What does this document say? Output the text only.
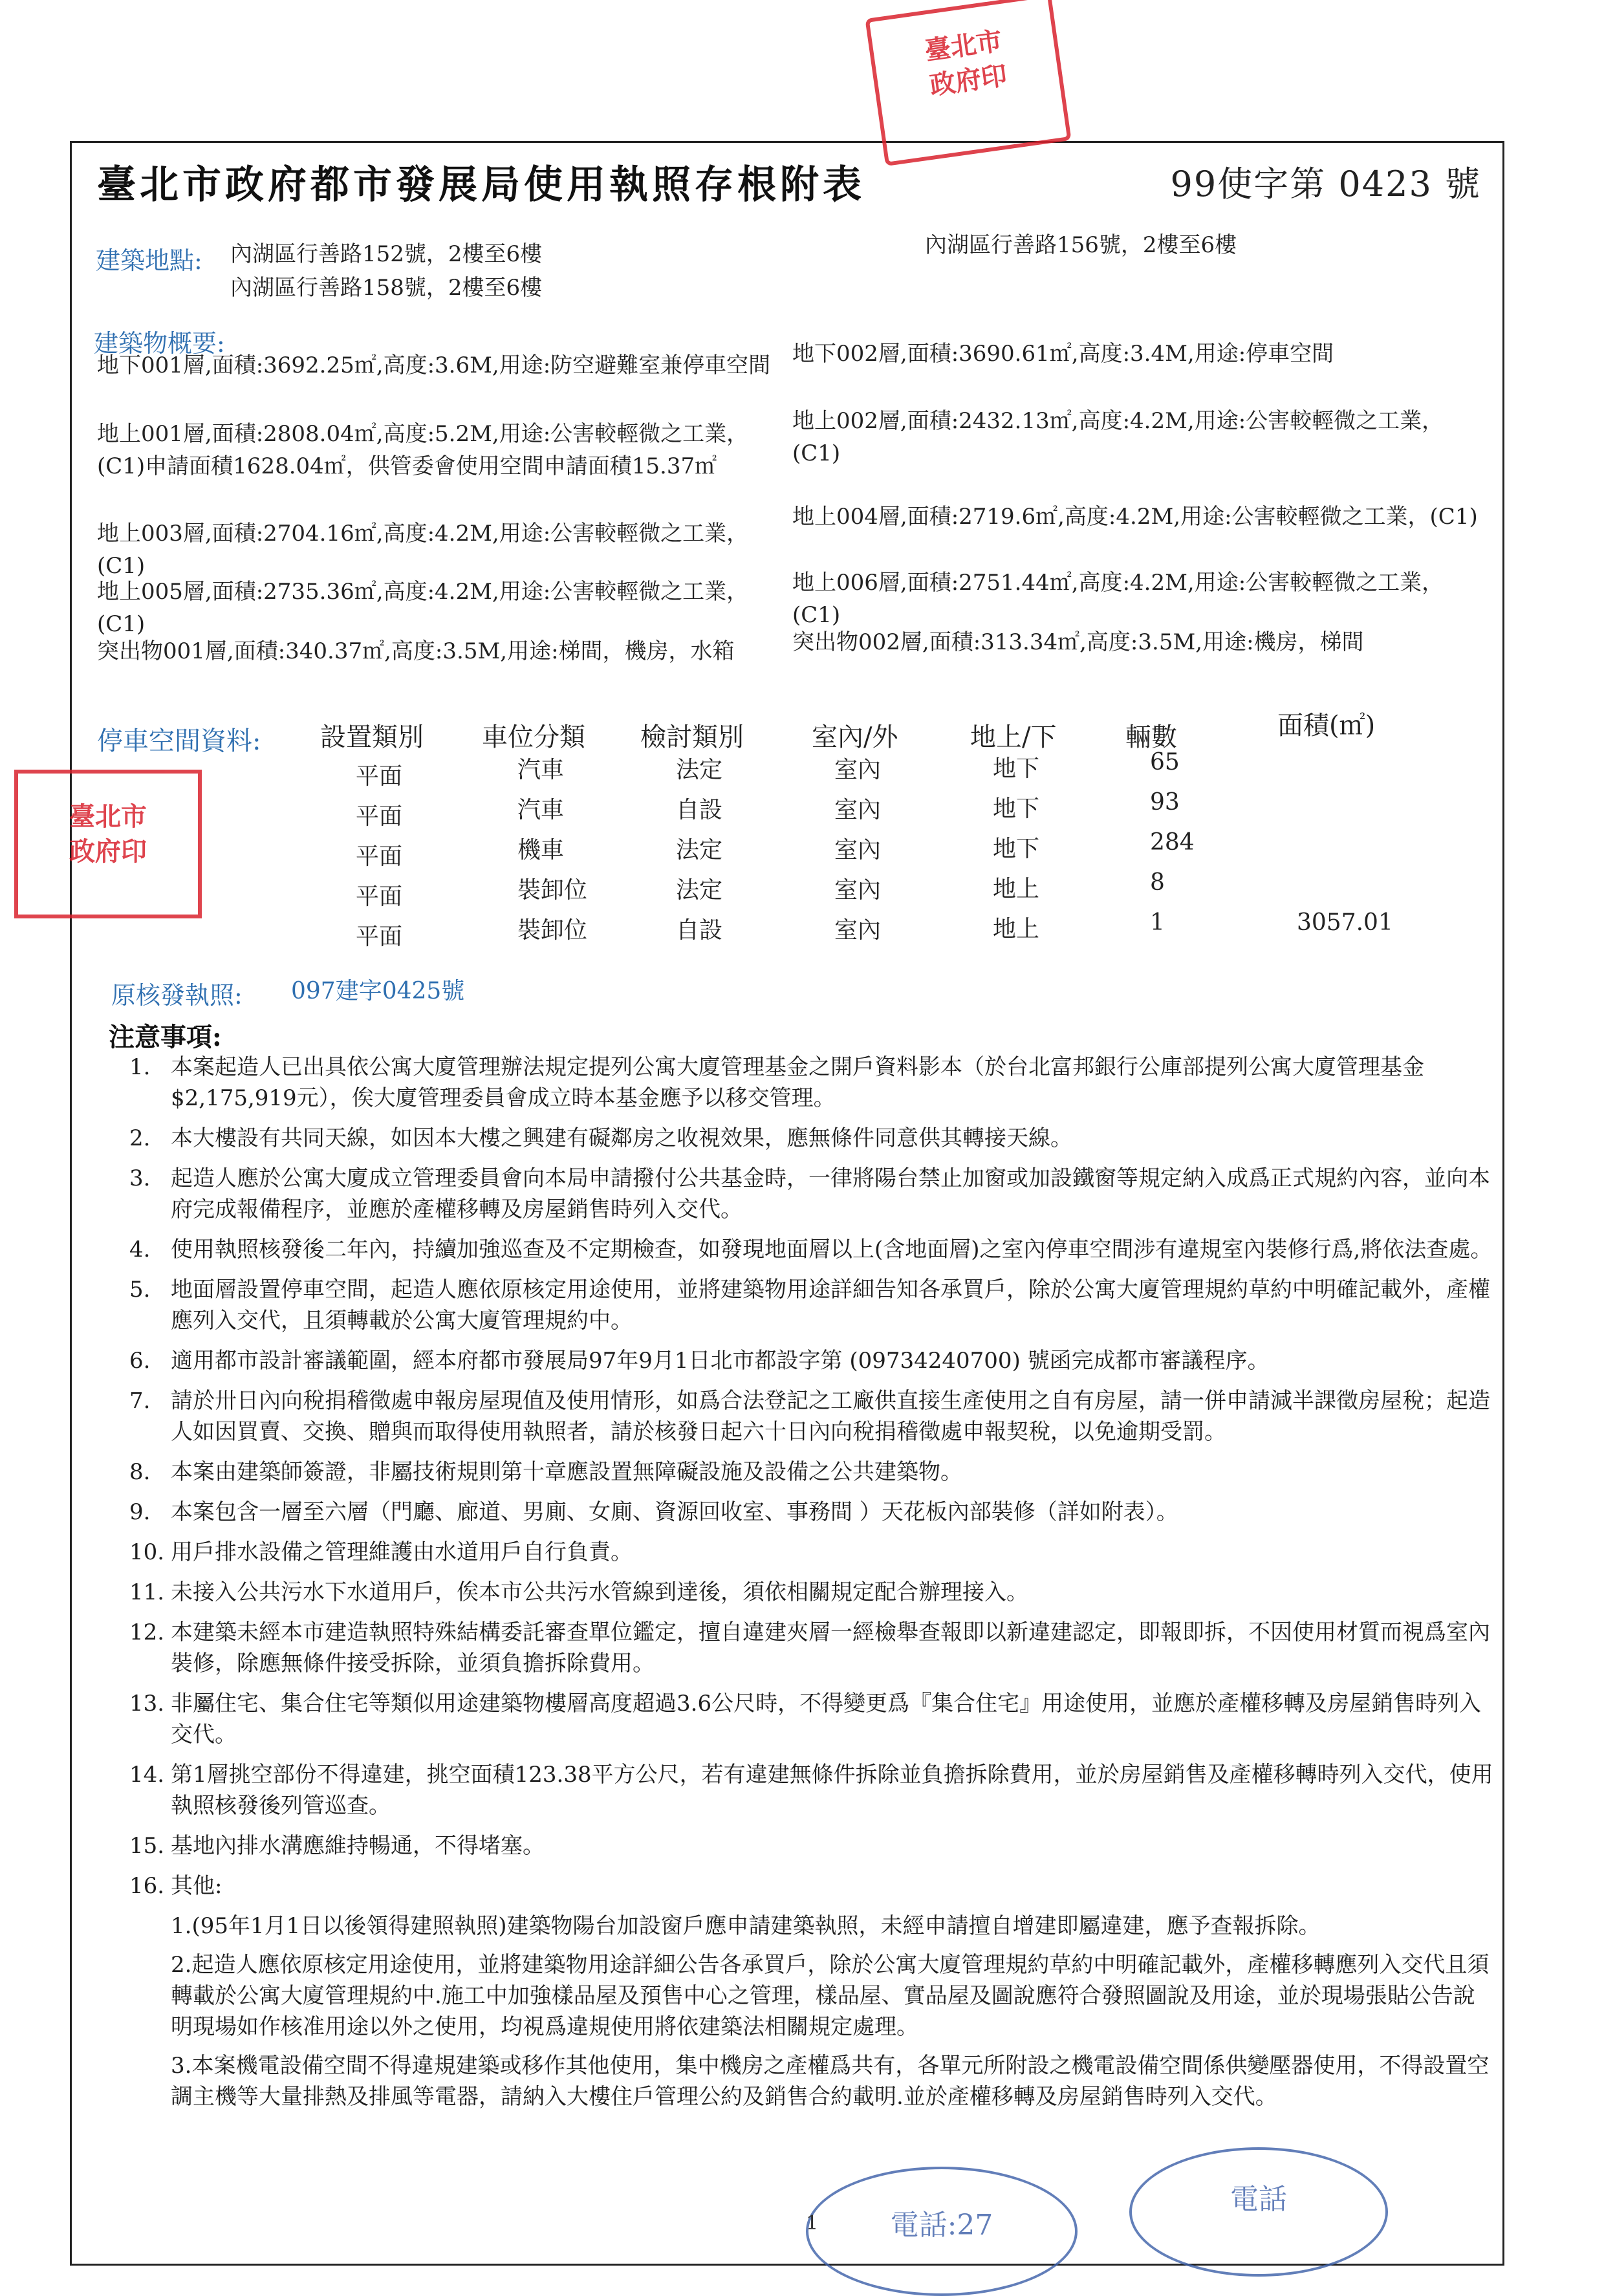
臺北市
政府印
臺北市
政府印
臺北市政府都市發展局使用執照存根附表	99使字第 0423 號
建築地點: 內湖區行善路152號，2樓至6樓	內湖區行善路156號，2樓至6樓
內湖區行善路158號，2樓至6樓
建築物概要:
地下001層,面積:3692.25㎡,高度:3.6M,用途:防空避難室兼停車空間 地下002層,面積:3690.61㎡,高度:3.4M,用途:停車空間
地上001層,面積:2808.04㎡,高度:5.2M,用途:公害較輕微之工業，(C1)申請面積1628.04㎡，供管委會使用空間申請面積15.37㎡
地上002層,面積:2432.13㎡,高度:4.2M,用途:公害較輕微之工業，(C1)
地上003層,面積:2704.16㎡,高度:4.2M,用途:公害較輕微之工業，(C1)
地上004層,面積:2719.6㎡,高度:4.2M,用途:公害較輕微之工業，(C1)
地上005層,面積:2735.36㎡,高度:4.2M,用途:公害較輕微之工業，(C1)
地上006層,面積:2751.44㎡,高度:4.2M,用途:公害較輕微之工業，(C1)
突出物001層,面積:340.37㎡,高度:3.5M,用途:梯間，機房，水箱	突出物002層,面積:313.34㎡,高度:3.5M,用途:機房，梯間
停車空間資料: 設置類別 車位分類 檢討類別	室內/外	地上/下	輛數	面積(㎡)
平面	汽車	法定	室內	地下	65
平面	汽車	自設	室內	地下	93
平面	機車	法定	室內	地下	284
平面	裝卸位	法定	室內	地上	8
平面	裝卸位	自設	室內	地上	1	3057.01
原核發執照: 097建字0425號
注意事項:
1. 本案起造人已出具依公寓大廈管理辦法規定提列公寓大廈管理基金之開戶資料影本（於台北富邦銀行公庫部提列公寓大廈管理基金$2,175,919元），俟大廈管理委員會成立時本基金應予以移交管理。
2. 本大樓設有共同天線，如因本大樓之興建有礙鄰房之收視效果，應無條件同意供其轉接天線。
3. 起造人應於公寓大廈成立管理委員會向本局申請撥付公共基金時，一律將陽台禁止加窗或加設鐵窗等規定納入成爲正式規約內容，並向本府完成報備程序，並應於產權移轉及房屋銷售時列入交代。
4. 使用執照核發後二年內，持續加強巡查及不定期檢查，如發現地面層以上(含地面層)之室內停車空間涉有違規室內裝修行爲,將依法查處。
5. 地面層設置停車空間，起造人應依原核定用途使用，並將建築物用途詳細告知各承買戶，除於公寓大廈管理規約草約中明確記載外，產權應列入交代，且須轉載於公寓大廈管理規約中。
6. 適用都市設計審議範圍，經本府都市發展局97年9月1日北市都設字第 (09734240700) 號函完成都市審議程序。
7. 請於卅日內向稅捐稽徵處申報房屋現值及使用情形，如爲合法登記之工廠供直接生產使用之自有房屋，請一併申請減半課徵房屋稅；起造人如因買賣、交換、贈與而取得使用執照者，請於核發日起六十日內向稅捐稽徵處申報契稅，以免逾期受罰。
8. 本案由建築師簽證，非屬技術規則第十章應設置無障礙設施及設備之公共建築物。
9. 本案包含一層至六層（門廳、廊道、男廁、女廁、資源回收室、事務間 ）天花板內部裝修（詳如附表）。
10. 用戶排水設備之管理維護由水道用戶自行負責。
11. 未接入公共污水下水道用戶，俟本市公共污水管線到達後，須依相關規定配合辦理接入。
12. 本建築未經本市建造執照特殊結構委託審查單位鑑定，擅自違建夾層一經檢舉查報即以新違建認定，即報即拆，不因使用材質而視爲室內裝修，除應無條件接受拆除，並須負擔拆除費用。
13. 非屬住宅、集合住宅等類似用途建築物樓層高度超過3.6公尺時，不得變更爲『集合住宅』用途使用，並應於產權移轉及房屋銷售時列入交代。
14. 第1層挑空部份不得違建，挑空面積123.38平方公尺，若有違建無條件拆除並負擔拆除費用，並於房屋銷售及產權移轉時列入交代，使用執照核發後列管巡查。
15. 基地內排水溝應維持暢通，不得堵塞。
16. 其他:
1.(95年1月1日以後領得建照執照)建築物陽台加設窗戶應申請建築執照，未經申請擅自增建即屬違建，應予查報拆除。
2.起造人應依原核定用途使用，並將建築物用途詳細公告各承買戶，除於公寓大廈管理規約草約中明確記載外，產權移轉應列入交代且須轉載於公寓大廈管理規約中.施工中加強樣品屋及預售中心之管理，樣品屋、實品屋及圖說應符合發照圖說及用途，並於現場張貼公告說明現場如作核准用途以外之使用，均視爲違規使用將依建築法相關規定處理。
3.本案機電設備空間不得違規建築或移作其他使用，集中機房之產權爲共有，各單元所附設之機電設備空間係供變壓器使用，不得設置空調主機等大量排熱及排風等電器，請納入大樓住戶管理公約及銷售合約載明.並於產權移轉及房屋銷售時列入交代。
電話:27
電話
1
